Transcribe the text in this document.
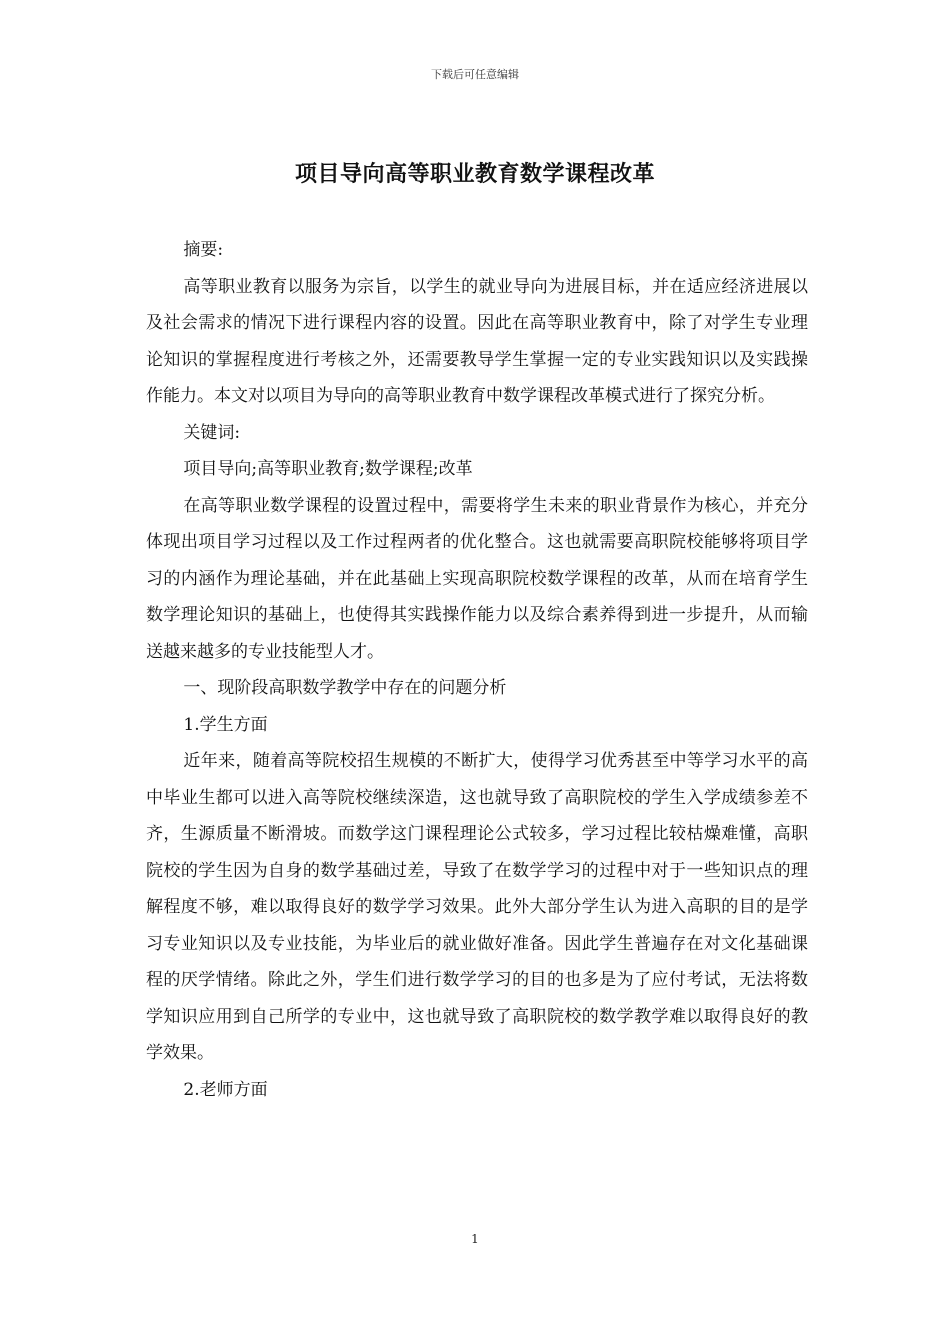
下载后可任意编辑
项目导向高等职业教育数学课程改革

摘要:

高等职业教育以服务为宗旨，以学生的就业导向为进展目标，并在适应经济进展以及社会需求的情况下进行课程内容的设置。因此在高等职业教育中，除了对学生专业理论知识的掌握程度进行考核之外，还需要教导学生掌握一定的专业实践知识以及实践操作能力。本文对以项目为导向的高等职业教育中数学课程改革模式进行了探究分析。

关键词:

项目导向;高等职业教育;数学课程;改革

在高等职业数学课程的设置过程中，需要将学生未来的职业背景作为核心，并充分体现出项目学习过程以及工作过程两者的优化整合。这也就需要高职院校能够将项目学习的内涵作为理论基础，并在此基础上实现高职院校数学课程的改革，从而在培育学生数学理论知识的基础上，也使得其实践操作能力以及综合素养得到进一步提升，从而输送越来越多的专业技能型人才。

一、现阶段高职数学教学中存在的问题分析

1.学生方面

近年来，随着高等院校招生规模的不断扩大，使得学习优秀甚至中等学习水平的高中毕业生都可以进入高等院校继续深造，这也就导致了高职院校的学生入学成绩参差不齐，生源质量不断滑坡。而数学这门课程理论公式较多，学习过程比较枯燥难懂，高职院校的学生因为自身的数学基础过差，导致了在数学学习的过程中对于一些知识点的理解程度不够，难以取得良好的数学学习效果。此外大部分学生认为进入高职的目的是学习专业知识以及专业技能，为毕业后的就业做好准备。因此学生普遍存在对文化基础课程的厌学情绪。除此之外，学生们进行数学学习的目的也多是为了应付考试，无法将数学知识应用到自己所学的专业中，这也就导致了高职院校的数学教学难以取得良好的教学效果。

2.老师方面

1
